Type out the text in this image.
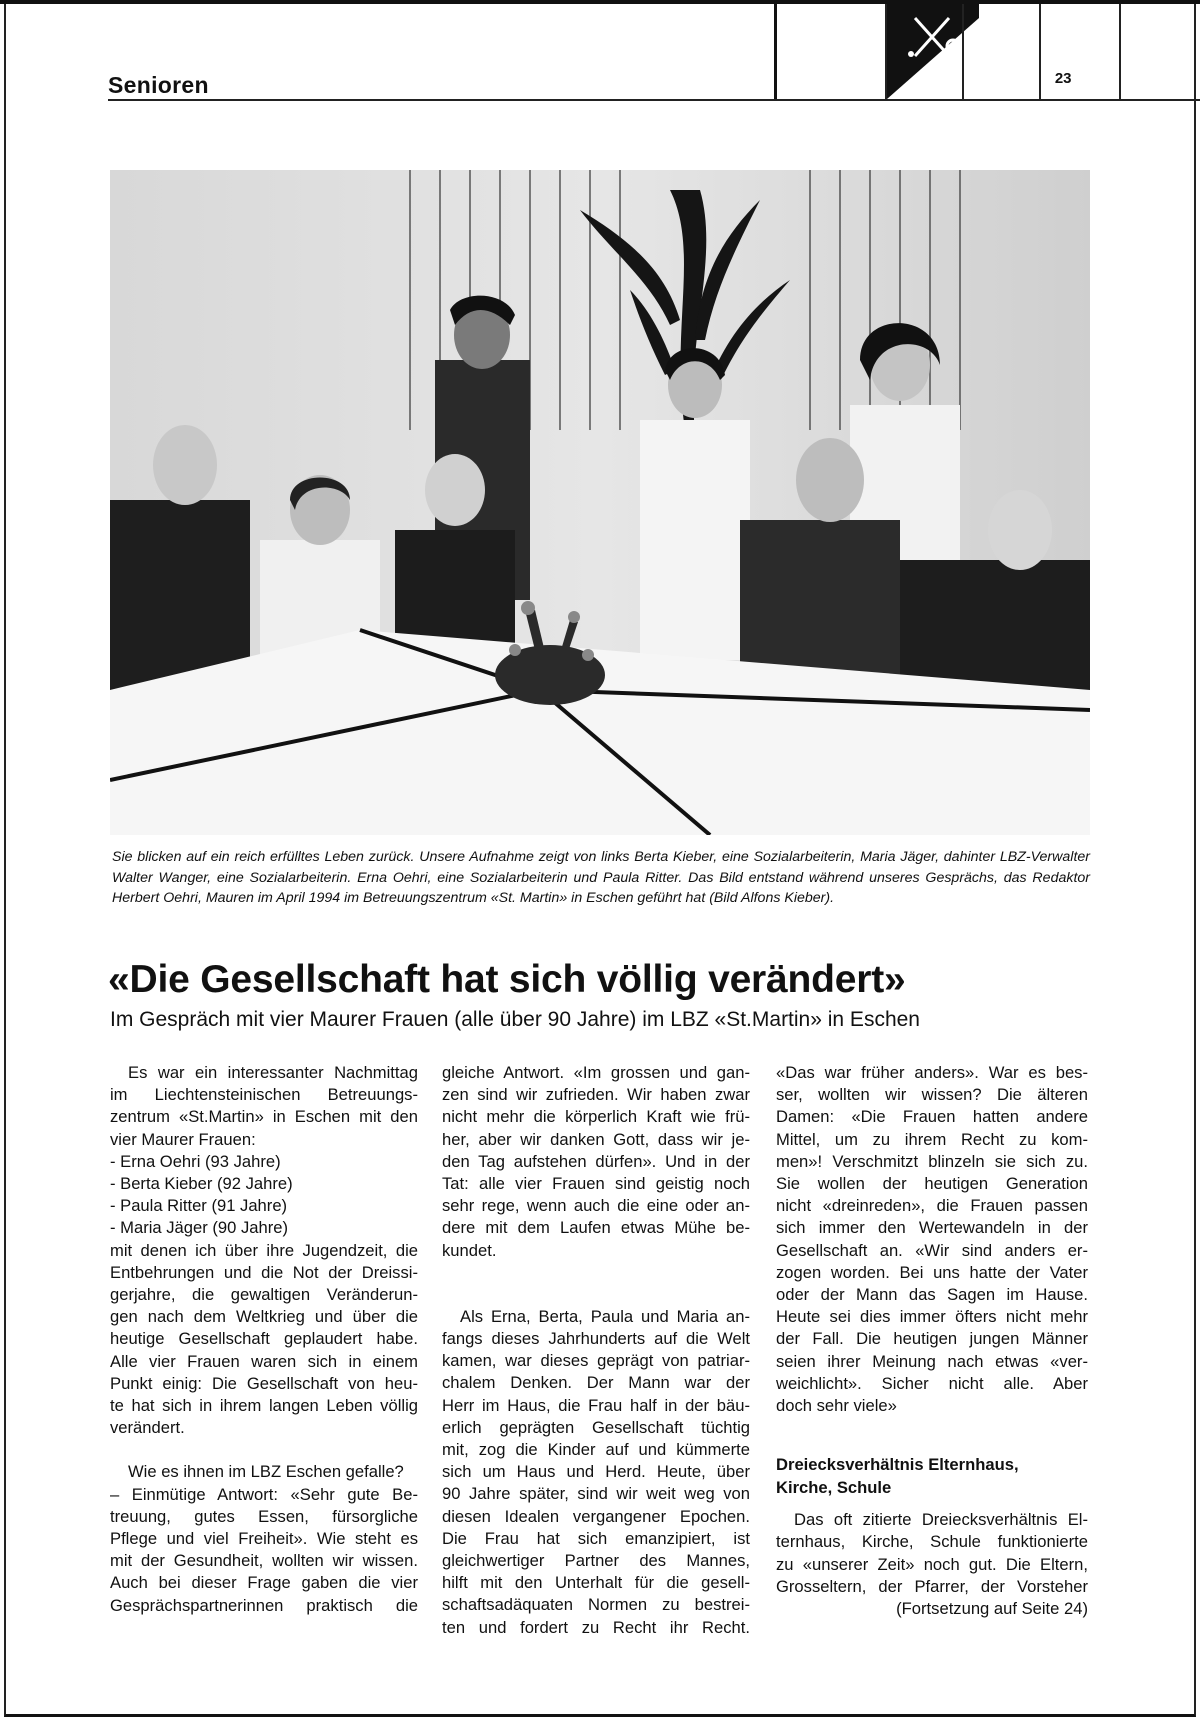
Senioren	23
Sie blicken auf ein reich erfülltes Leben zurück. Unsere Aufnahme zeigt von links Berta Kieber, eine Sozialarbeiterin, Maria Jäger, dahinter LBZ-Verwalter Walter Wanger, eine Sozialarbeiterin. Erna Oehri, eine Sozialarbeiterin und Paula Ritter. Das Bild entstand während unseres Gesprächs, das Redaktor Herbert Oehri, Mauren im April 1994 im Betreuungszentrum «St. Martin» in Eschen geführt hat (Bild Alfons Kieber).
«Die Gesellschaft hat sich völlig verändert»
Im Gespräch mit vier Maurer Frauen (alle über 90 Jahre) im LBZ «St.Martin» in Eschen

Es war ein interessanter Nachmittag

im Liechtensteinischen Betreuungs-

zentrum «St.Martin» in Eschen mit den

vier Maurer Frauen:

- Erna Oehri (93 Jahre)

- Berta Kieber (92 Jahre)

- Paula Ritter (91 Jahre)

- Maria Jäger (90 Jahre)

mit denen ich über ihre Jugendzeit, die

Entbehrungen und die Not der Dreissi-

gerjahre, die gewaltigen Veränderun-

gen nach dem Weltkrieg und über die

heutige Gesellschaft geplaudert habe.

Alle vier Frauen waren sich in einem

Punkt einig: Die Gesellschaft von heu-

te hat sich in ihrem langen Leben völlig

verändert.

Wie es ihnen im LBZ Eschen gefalle?

– Einmütige Antwort: «Sehr gute Be-

treuung, gutes Essen, fürsorgliche

Pflege und viel Freiheit». Wie steht es

mit der Gesundheit, wollten wir wissen.

Auch bei dieser Frage gaben die vier

Gesprächspartnerinnen praktisch die

gleiche Antwort. «Im grossen und gan-

zen sind wir zufrieden. Wir haben zwar

nicht mehr die körperlich Kraft wie frü-

her, aber wir danken Gott, dass wir je-

den Tag aufstehen dürfen». Und in der

Tat: alle vier Frauen sind geistig noch

sehr rege, wenn auch die eine oder an-

dere mit dem Laufen etwas Mühe be-

kundet.

Als Erna, Berta, Paula und Maria an-

fangs dieses Jahrhunderts auf die Welt

kamen, war dieses geprägt von patriar-

chalem Denken. Der Mann war der

Herr im Haus, die Frau half in der bäu-

erlich geprägten Gesellschaft tüchtig

mit, zog die Kinder auf und kümmerte

sich um Haus und Herd. Heute, über

90 Jahre später, sind wir weit weg von

diesen Idealen vergangener Epochen.

Die Frau hat sich emanzipiert, ist

gleichwertiger Partner des Mannes,

hilft mit den Unterhalt für die gesell-

schaftsadäquaten Normen zu bestrei-

ten und fordert zu Recht ihr Recht.

«Das war früher anders». War es bes-

ser, wollten wir wissen? Die älteren

Damen: «Die Frauen hatten andere

Mittel, um zu ihrem Recht zu kom-

men»! Verschmitzt blinzeln sie sich zu.

Sie wollen der heutigen Generation

nicht «dreinreden», die Frauen passen

sich immer den Wertewandeln in der

Gesellschaft an. «Wir sind anders er-

zogen worden. Bei uns hatte der Vater

oder der Mann das Sagen im Hause.

Heute sei dies immer öfters nicht mehr

der Fall. Die heutigen jungen Männer

seien ihrer Meinung nach etwas «ver-

weichlicht». Sicher nicht alle. Aber

doch sehr viele»

Dreiecksverhältnis Elternhaus,

Kirche, Schule

Das oft zitierte Dreiecksverhältnis El-

ternhaus, Kirche, Schule funktionierte

zu «unserer Zeit» noch gut. Die Eltern,

Grosseltern, der Pfarrer, der Vorsteher

(Fortsetzung auf Seite 24)
